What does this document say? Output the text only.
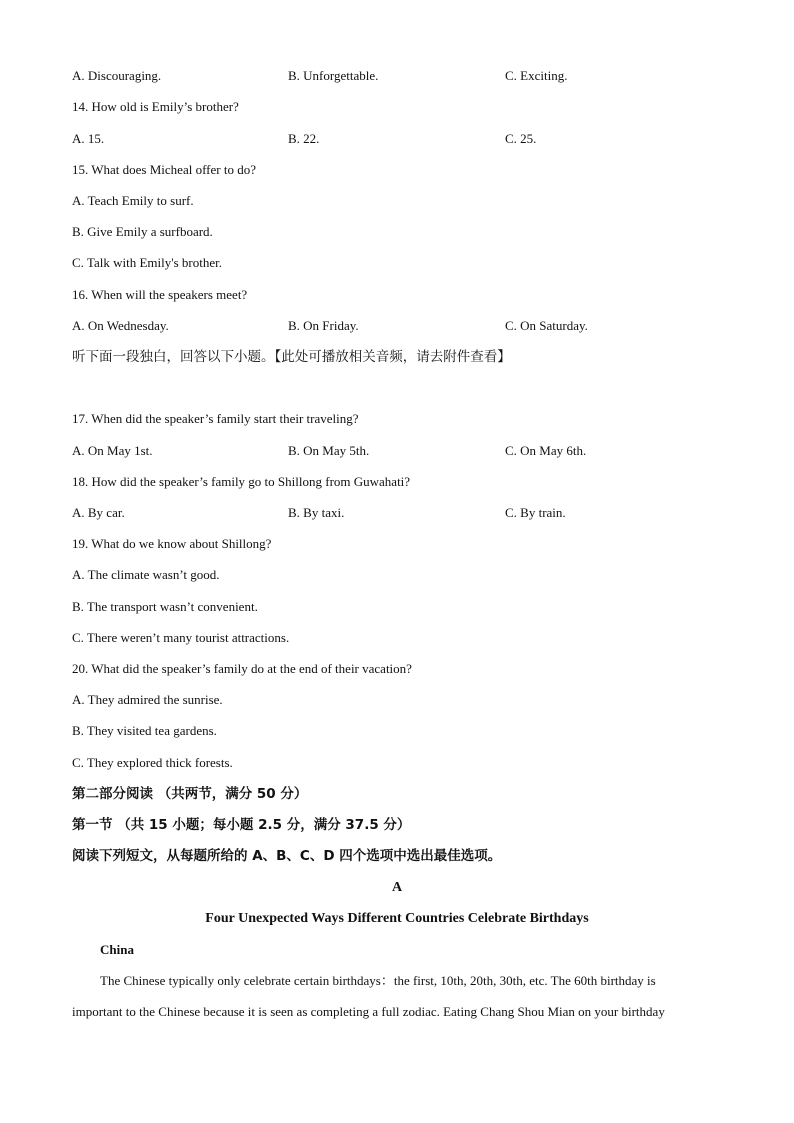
A. Discouraging.	B. Unforgettable.	C. Exciting.
14. How old is Emily’s brother?
A. 15.	B. 22.	C. 25.
15. What does Micheal offer to do?
A. Teach Emily to surf.
B. Give Emily a surfboard.
C. Talk with Emily's brother.
16. When will the speakers meet?
A. On Wednesday.	B. On Friday.	C. On Saturday.
听下面一段独白，回答以下小题。【此处可播放相关音频，请去附件查看】
17. When did the speaker’s family start their traveling?
A. On May 1st.	B. On May 5th.	C. On May 6th.
18. How did the speaker’s family go to Shillong from Guwahati?
A. By car.	B. By taxi.	C. By train.
19. What do we know about Shillong?
A. The climate wasn’t good.
B. The transport wasn’t convenient.
C. There weren’t many tourist attractions.
20. What did the speaker’s family do at the end of their vacation?
A. They admired the sunrise.
B. They visited tea gardens.
C. They explored thick forests.
第二部分阅读 （共两节，满分 50 分）
第一节 （共 15 小题；每小题 2.5 分，满分 37.5 分）
阅读下列短文，从每题所给的 A、B、C、D 四个选项中选出最佳选项。
A
Four Unexpected Ways Different Countries Celebrate Birthdays
China
The Chinese typically only celebrate certain birthdays：the first, 10th, 20th, 30th, etc. The 60th birthday is
important to the Chinese because it is seen as completing a full zodiac. Eating Chang Shou Mian on your birthday
